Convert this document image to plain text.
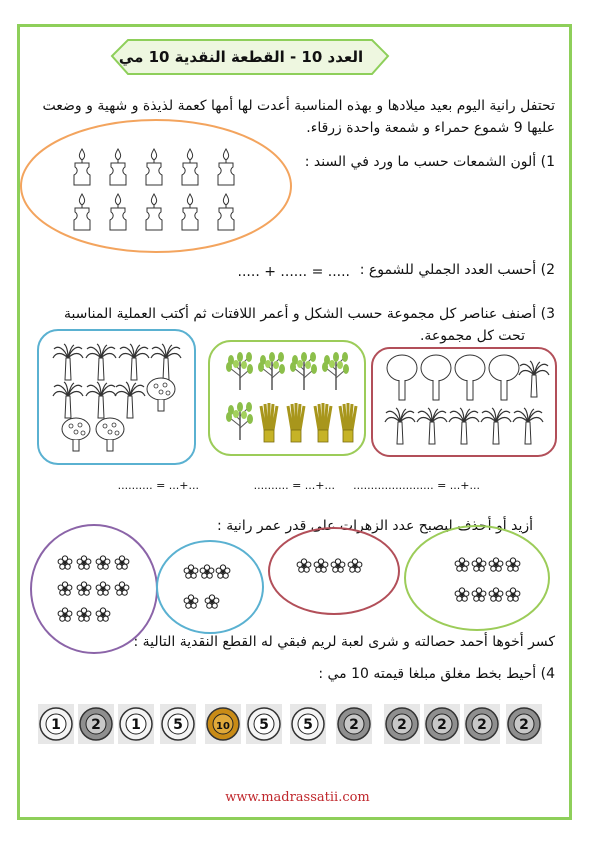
العدد 10 - القطعة النقدية 10 مي
تحتفل رانية اليوم بعيد ميلادها و بهذه المناسبة أعدت لها أمها كعمة لذيذة و شهية و وضعت
عليها 9 شموع حمراء و شمعة واحدة زرقاء.
1) ألون الشمعات حسب ما ورد في السند :
2) أحسب العدد الجملي للشموع :
..... = ...... + .....
3) أصنف عناصر كل مجموعة حسب الشكل و أعمر اللافتات ثم أكتب العملية المناسبة
تحت كل مجموعة.
...+... = .......................
...+... = ..........
...+... = ..........
أزيد أو أحذف ليصبح عدد الزهرات على قدر عمر رانية :
كسر أخوها أحمد حصالته و شرى لعبة لريم فبقي له القطع النقدية التالية :
4) أحيط بخط مغلق مبلغا قيمته 10 مي :
1 2 1 5	10 5 5	2	2 2 2 2
www.madrassatii.com
